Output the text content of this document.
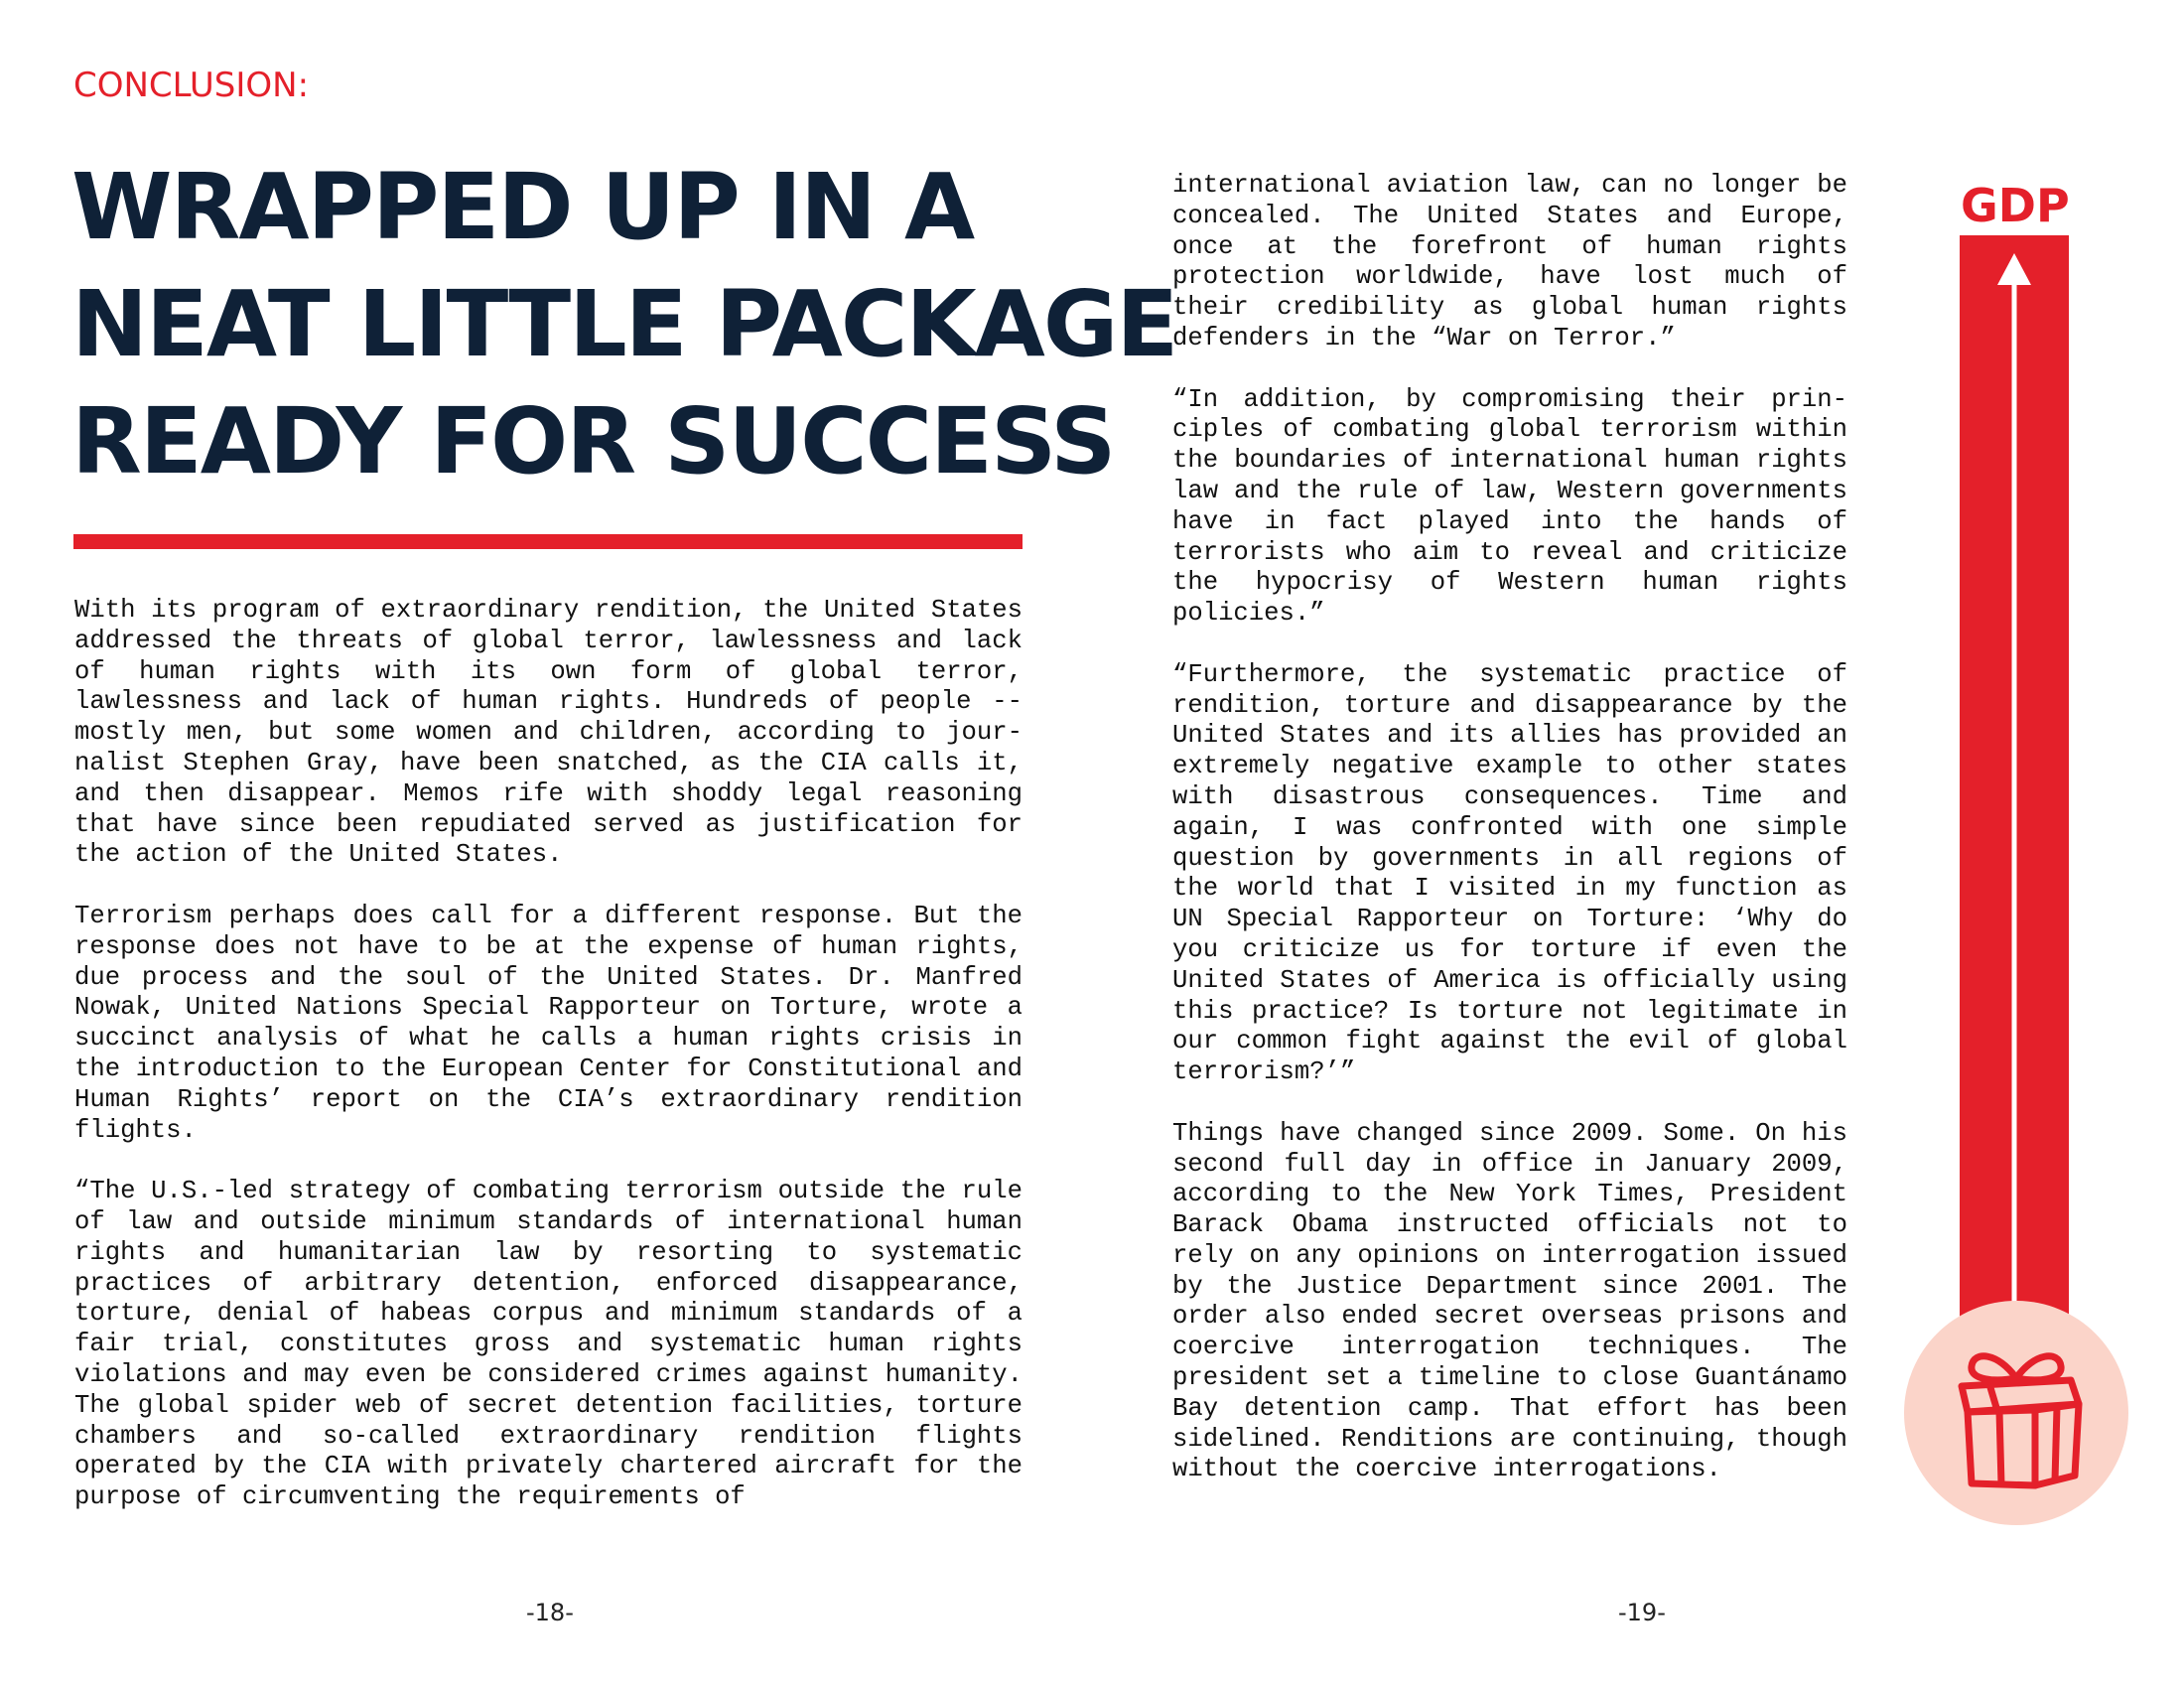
CONCLUSION:
WRAPPED UP IN A
NEAT LITTLE PACKAGE
READY FOR SUCCESS

With its program of extraordinary rendition, the United States addressed the threats of global terror, lawlessness and lack of human rights with its own form of global terror, lawlessness and lack of human rights. Hundreds of people -- mostly men, but some women and children, according to journalist Stephen Gray, have been snatched, as the CIA calls it, and then disappear. Memos rife with shoddy legal reasoning that have since been repudiated served as justification for the action of the United States.

Terrorism perhaps does call for a different response. But the response does not have to be at the expense of human rights, due process and the soul of the United States. Dr. Manfred Nowak, United Nations Special Rapporteur on Torture, wrote a succinct analysis of what he calls a human rights crisis in the introduction to the European Center for Constitutional and Human Rights’ report on the CIA’s extraordinary rendition flights.

“The U.S.-led strategy of combating terrorism outside the rule of law and outside minimum standards of international human rights and humanitarian law by resorting to systematic practices of arbitrary detention, enforced disappearance, torture, denial of habeas corpus and minimum standards of a fair trial, constitutes gross and systematic human rights violations and may even be considered crimes against humanity. The global spider web of secret detention facilities, torture chambers and so-called extraordinary rendition flights operated by the CIA with privately chartered aircraft for the purpose of circumventing the requirements of

international aviation law, can no longer be concealed. The United States and Europe, once at the forefront of human rights protection worldwide, have lost much of their credibility as global human rights defenders in the “War on Terror.”

“In addition, by compromising their principles of combating global terrorism within the boundaries of international human rights law and the rule of law, Western governments have in fact played into the hands of terrorists who aim to reveal and criticize the hypocrisy of Western human rights policies.”

“Furthermore, the systematic practice of rendition, torture and disappearance by the United States and its allies has provided an extremely negative example to other states with disastrous consequences. Time and again, I was confronted with one simple question by governments in all regions of the world that I visited in my function as UN Special Rapporteur on Torture: ‘Why do you criticize us for torture if even the United States of America is officially using this practice? Is torture not legitimate in our common fight against the evil of global terrorism?’”

Things have changed since 2009. Some. On his second full day in office in January 2009, according to the New York Times, President Barack Obama instructed officials not to rely on any opinions on interrogation issued by the Justice Department since 2001. The order also ended secret overseas prisons and coercive interrogation techniques. The president set a timeline to close Guantánamo Bay detention camp. That effort has been sidelined. Renditions are continuing, though without the coercive interrogations.

-18-	-19-
GDP
